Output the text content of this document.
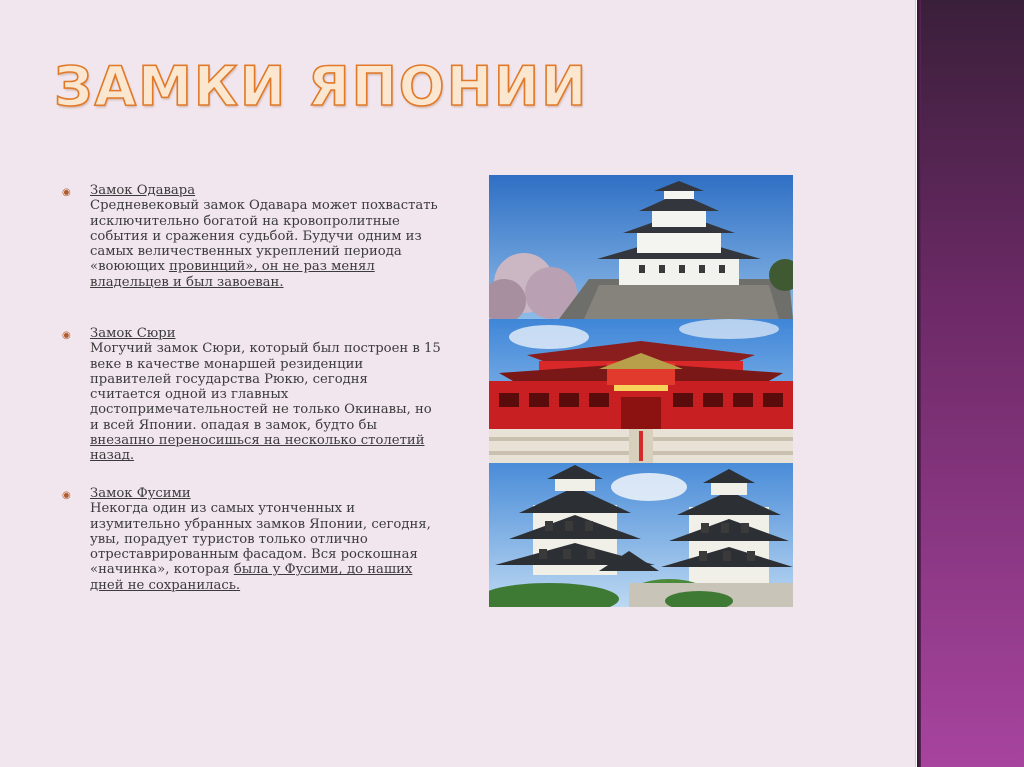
ЗАМКИ ЯПОНИИ
◉ Замок Одавара
Средневековый замок Одавара может похвастать исключительно богатой на кровопролитные события и сражения судьбой. Будучи одним из самых величественных укреплений периода «воюющих провинций», он не раз менял владельцев и был завоеван.
◉ Замок Сюри
Могучий замок Сюри, который был построен в 15 веке в качестве монаршей резиденции правителей государства Рюкю, сегодня считается одной из главных достопримечательностей не только Окинавы, но и всей Японии. опадая в замок, будто бы внезапно переносишься на несколько столетий назад.
◉ Замок Фусими
Некогда один из самых утонченных и изумительно убранных замков Японии, сегодня, увы, порадует туристов только отлично отреставрированным фасадом. Вся роскошная «начинка», которая была у Фусими, до наших дней не сохранилась.
